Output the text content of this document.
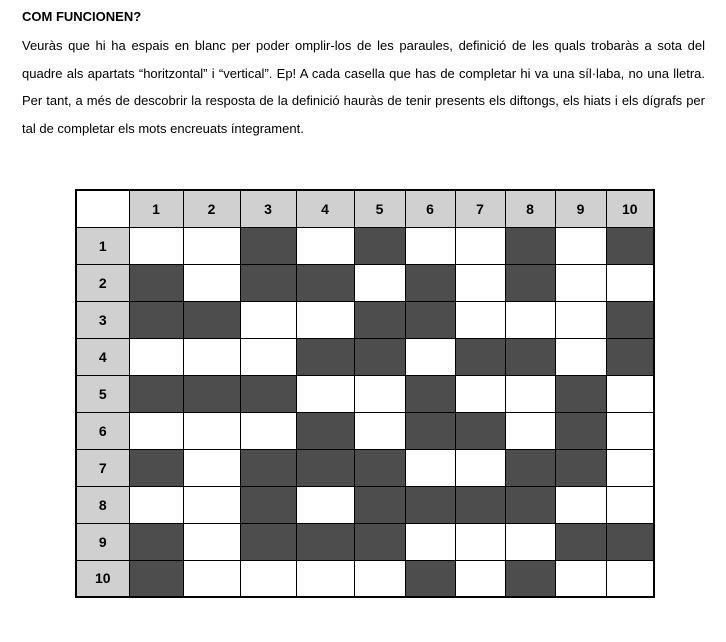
COM FUNCIONEN?

Veuràs que hi ha espais en blanc per poder omplir-los de les paraules, definició de les quals trobaràs a sota del quadre als apartats “horitzontal” i “vertical”. Ep! A cada casella que has de completar hi va una síl·laba, no una lletra. Per tant, a més de descobrir la resposta de la definició hauràs de tenir presents els diftongs, els hiats i els dígrafs per tal de completar els mots encreuats íntegrament.

	1	2	3	4	5	6	7	8	9	10
1										
2										
3										
4										
5										
6										
7										
8										
9										
10										
